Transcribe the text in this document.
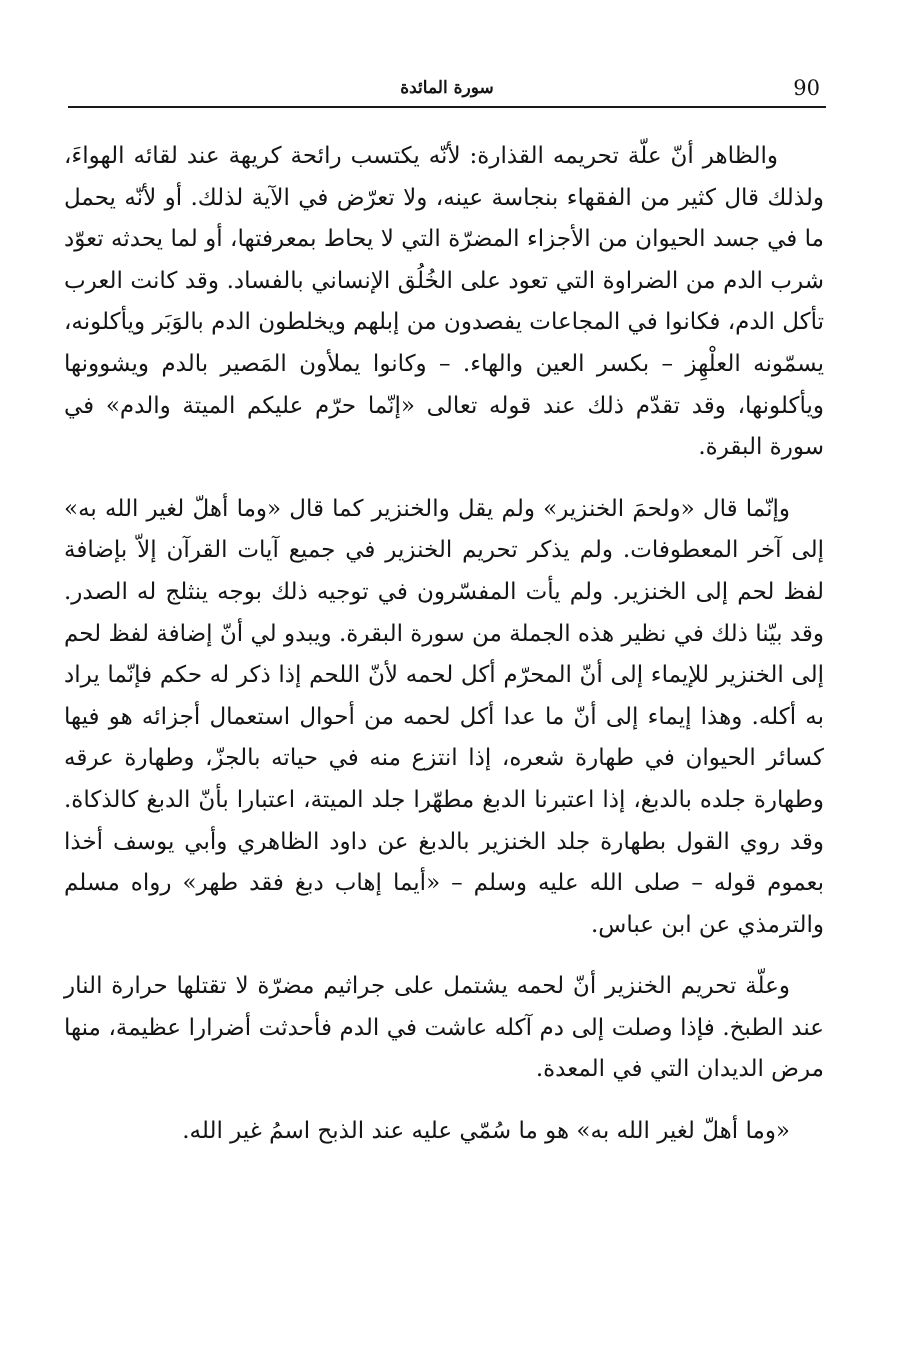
90
سورة المائدة

والظاهر أنّ علّة تحريمه القذارة: لأنّه يكتسب رائحة كريهة عند لقائه الهواءَ، ولذلك قال كثير من الفقهاء بنجاسة عينه، ولا تعرّض في الآية لذلك. أو لأنّه يحمل ما في جسد الحيوان من الأجزاء المضرّة التي لا يحاط بمعرفتها، أو لما يحدثه تعوّد شرب الدم من الضراوة التي تعود على الخُلُق الإنساني بالفساد. وقد كانت العرب تأكل الدم، فكانوا في المجاعات يفصدون من إبلهم ويخلطون الدم بالوَبَر ويأكلونه، يسمّونه العلْهِز – بكسر العين والهاء. – وكانوا يملأون المَصير بالدم ويشوونها ويأكلونها، وقد تقدّم ذلك عند قوله تعالى «إنّما حرّم عليكم الميتة والدم» في سورة البقرة.

وإنّما قال «ولحمَ الخنزير» ولم يقل والخنزير كما قال «وما أهلّ لغير الله به» إلى آخر المعطوفات. ولم يذكر تحريم الخنزير في جميع آيات القرآن إلاّ بإضافة لفظ لحم إلى الخنزير. ولم يأت المفسّرون في توجيه ذلك بوجه ينثلج له الصدر. وقد بيّنا ذلك في نظير هذه الجملة من سورة البقرة. ويبدو لي أنّ إضافة لفظ لحم إلى الخنزير للإيماء إلى أنّ المحرّم أكل لحمه لأنّ اللحم إذا ذكر له حكم فإنّما يراد به أكله. وهذا إيماء إلى أنّ ما عدا أكل لحمه من أحوال استعمال أجزائه هو فيها كسائر الحيوان في طهارة شعره، إذا انتزع منه في حياته بالجزّ، وطهارة عرقه وطهارة جلده بالدبغ، إذا اعتبرنا الدبغ مطهّرا جلد الميتة، اعتبارا بأنّ الدبغ كالذكاة. وقد روي القول بطهارة جلد الخنزير بالدبغ عن داود الظاهري وأبي يوسف أخذا بعموم قوله – صلى الله عليه وسلم – «أيما إهاب دبغ فقد طهر» رواه مسلم والترمذي عن ابن عباس.

وعلّة تحريم الخنزير أنّ لحمه يشتمل على جراثيم مضرّة لا تقتلها حرارة النار عند الطبخ. فإذا وصلت إلى دم آكله عاشت في الدم فأحدثت أضرارا عظيمة، منها مرض الديدان التي في المعدة.

«وما أهلّ لغير الله به» هو ما سُمّي عليه عند الذبح اسمُ غير الله.
